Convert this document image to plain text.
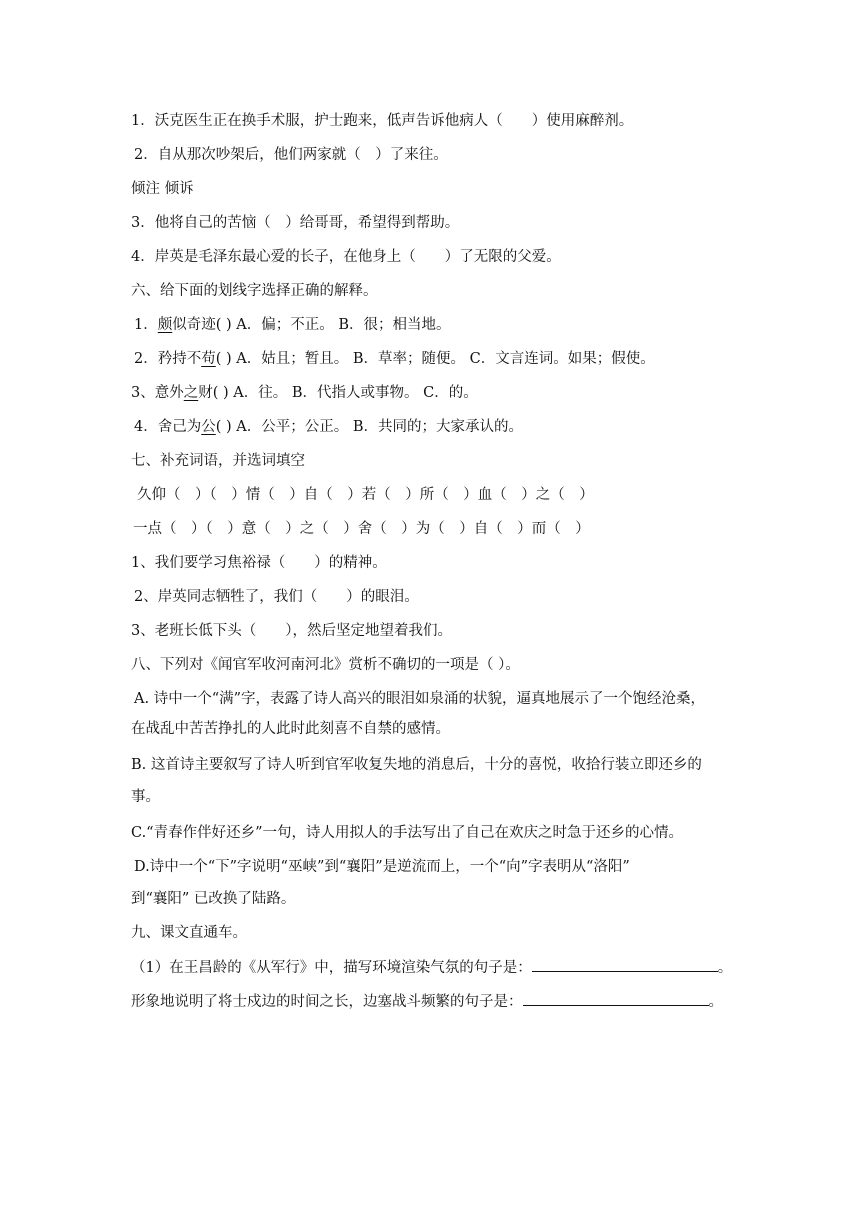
1．沃克医生正在换手术服，护士跑来，低声告诉他病人（　　）使用麻醉剂。
2．自从那次吵架后，他们两家就（　）了来往。
倾注 倾诉
3．他将自己的苦恼（　）给哥哥，希望得到帮助。
4．岸英是毛泽东最心爱的长子，在他身上（　　）了无限的父爱。
六、给下面的划线字选择正确的解释。
1．颇似奇迹( ) A．偏；不正。 B．很；相当地。
2．矜持不苟( ) A．姑且；暂且。 B．草率；随便。 C．文言连词。如果；假使。
3、意外之财( ) A．往。 B．代指人或事物。 C．的。
4．舍己为公( ) A．公平；公正。 B．共同的；大家承认的。
七、补充词语，并选词填空
久仰（　）（　）情（　）自（　）若（　）所（　）血（　）之（　）
一点（　）（　）意（　）之（　）舍（　）为（　）自（　）而（　）
1、我们要学习焦裕禄（　　）的精神。
2、岸英同志牺牲了，我们（　　）的眼泪。
3、老班长低下头（　　），然后坚定地望着我们。
八、下列对《闻官军收河南河北》赏析不确切的一项是（ ）。
A. 诗中一个“满”字，表露了诗人高兴的眼泪如泉涌的状貌，逼真地展示了一个饱经沧桑，
在战乱中苦苦挣扎的人此时此刻喜不自禁的感情。
B. 这首诗主要叙写了诗人听到官军收复失地的消息后，十分的喜悦，收拾行装立即还乡的
事。
C.“青春作伴好还乡”一句，诗人用拟人的手法写出了自己在欢庆之时急于还乡的心情。
D.诗中一个“下”字说明“巫峡”到“襄阳”是逆流而上，一个“向”字表明从“洛阳”
到“襄阳” 已改换了陆路。
九、课文直通车。
（1）在王昌龄的《从军行》中，描写环境渲染气氛的句子是：	。
形象地说明了将士戍边的时间之长，边塞战斗频繁的句子是：	。
